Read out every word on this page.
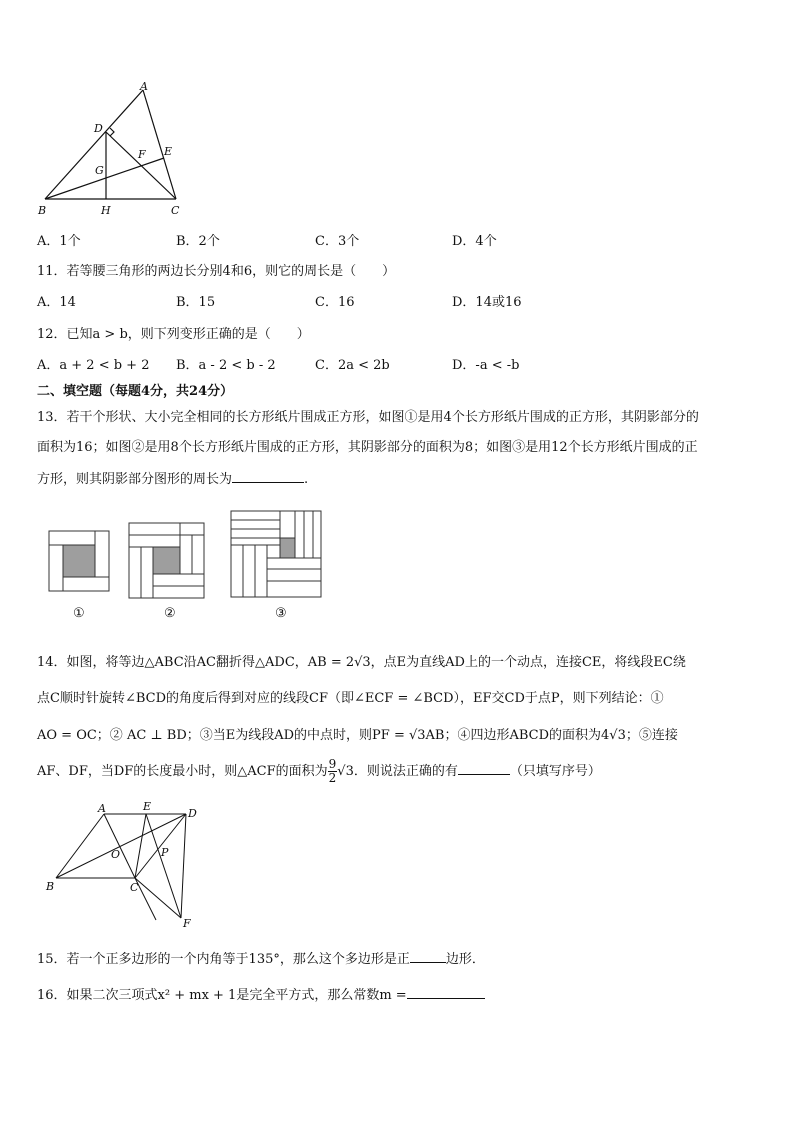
A
D
E
F
G
B	H	C
A．1个	B．2个	C．3个	D．4个
11．若等腰三角形的两边长分别4和6，则它的周长是（　　）
A．14	B．15	C．16	D．14或16
12．已知a > b，则下列变形正确的是（　　）
A．a + 2 < b + 2 B．a - 2 < b - 2	C．2a < 2b	D．-a < -b
二、填空题（每题4分，共24分）
13．若干个形状、大小完全相同的长方形纸片围成正方形，如图①是用4个长方形纸片围成的正方形，其阴影部分的
面积为16；如图②是用8个长方形纸片围成的正方形，其阴影部分的面积为8；如图③是用12个长方形纸片围成的正
方形，则其阴影部分图形的周长为	.
①	②	③
14．如图，将等边△ABC沿AC翻折得△ADC，AB = 2√3，点E为直线AD上的一个动点，连接CE，将线段EC绕
点C顺时针旋转∠BCD的角度后得到对应的线段CF（即∠ECF = ∠BCD），EF交CD于点P，则下列结论：①
AO = OC；② AC ⊥ BD；③当E为线段AD的中点时，则PF = √3AB；④四边形ABCD的面积为4√3；⑤连接
AF、DF，当DF的长度最小时，则△ACF的面积为 $\frac{9}{2} √3$．则说法正确的有	（只填写序号）
A	E
D
O	P
B	C
F
15．若一个正多边形的一个内角等于135°，那么这个多边形是正	边形．
16．如果二次三项式x² + mx + 1是完全平方式，那么常数m =
